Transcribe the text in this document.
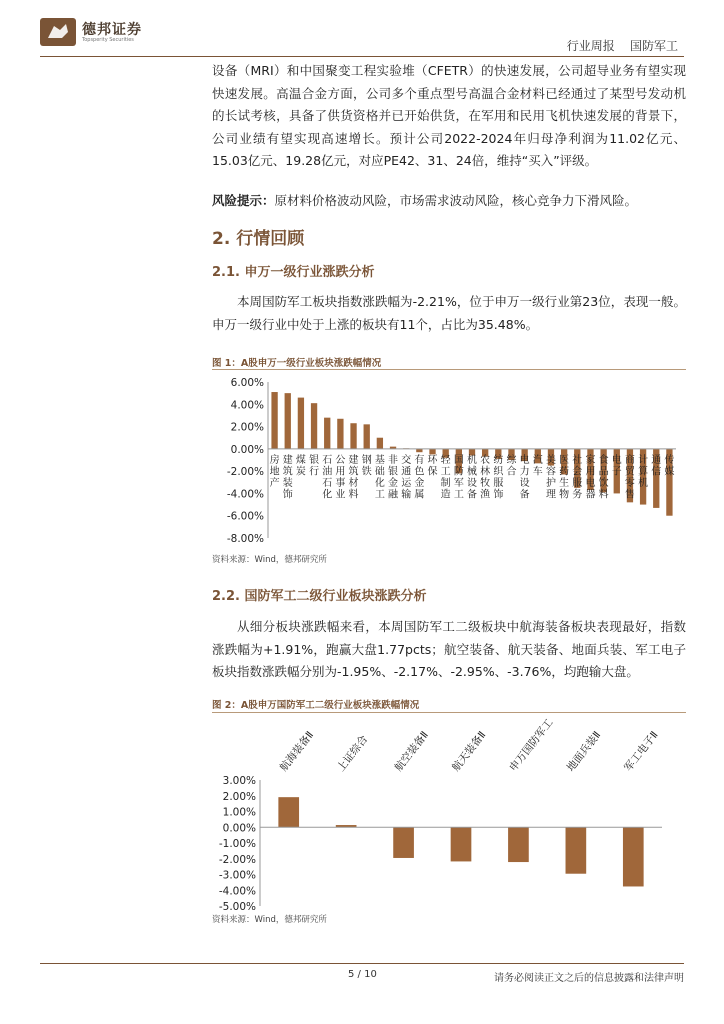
德邦证券
Topsperity Securities	行业周报    国防军工

设备（MRI）和中国聚变工程实验堆（CFETR）的快速发展，公司超导业务有望实现快速发展。高温合金方面，公司多个重点型号高温合金材料已经通过了某型号发动机的长试考核，具备了供货资格并已开始供货，在军用和民用飞机快速发展的背景下，公司业绩有望实现高速增长。预计公司2022-2024年归母净利润为11.02亿元、15.03亿元、19.28亿元，对应PE42、31、24倍，维持“买入”评级。

风险提示：原材料价格波动风险，市场需求波动风险，核心竞争力下滑风险。

2. 行情回顾
2.1. 申万一级行业涨跌分析
本周国防军工板块指数涨跌幅为-2.21%，位于申万一级行业第23位，表现一般。申万一级行业中处于上涨的板块有11个，占比为35.48%。
图 1：A股申万一级行业板块涨跌幅情况
6.00%
4.00%
2.00%
0.00%
-2.00%
-4.00%
-6.00%
-8.00%
房地产
建筑装饰
煤炭
银行
石油石化
公用事业
建筑材料
钢铁
基础化工
非银金融
交通运输
有色金属
环保
轻工制造
国防军工
机械设备
农林牧渔
纺织服饰
综合
电力设备
汽车
美容护理
医药生物
社会服务
家用电器
食品饮料
电子
商贸零售
计算机
通信
传媒
资料来源：Wind，德邦研究所
2.2. 国防军工二级行业板块涨跌分析
从细分板块涨跌幅来看，本周国防军工二级板块中航海装备板块表现最好，指数涨跌幅为+1.91%，跑赢大盘1.77pcts；航空装备、航天装备、地面兵装、军工电子板块指数涨跌幅分别为-1.95%、-2.17%、-2.95%、-3.76%，均跑输大盘。
图 2：A股申万国防军工二级行业板块涨跌幅情况
3.00%
2.00%
1.00%
0.00%
-1.00%
-2.00%
-3.00%
-4.00%
-5.00%
航海装备Ⅱ 上证综合 航空装备Ⅱ 航天装备Ⅱ 申万国防军工 地面兵装Ⅱ 军工电子Ⅱ
资料来源：Wind，德邦研究所
5 / 10	请务必阅读正文之后的信息披露和法律声明
